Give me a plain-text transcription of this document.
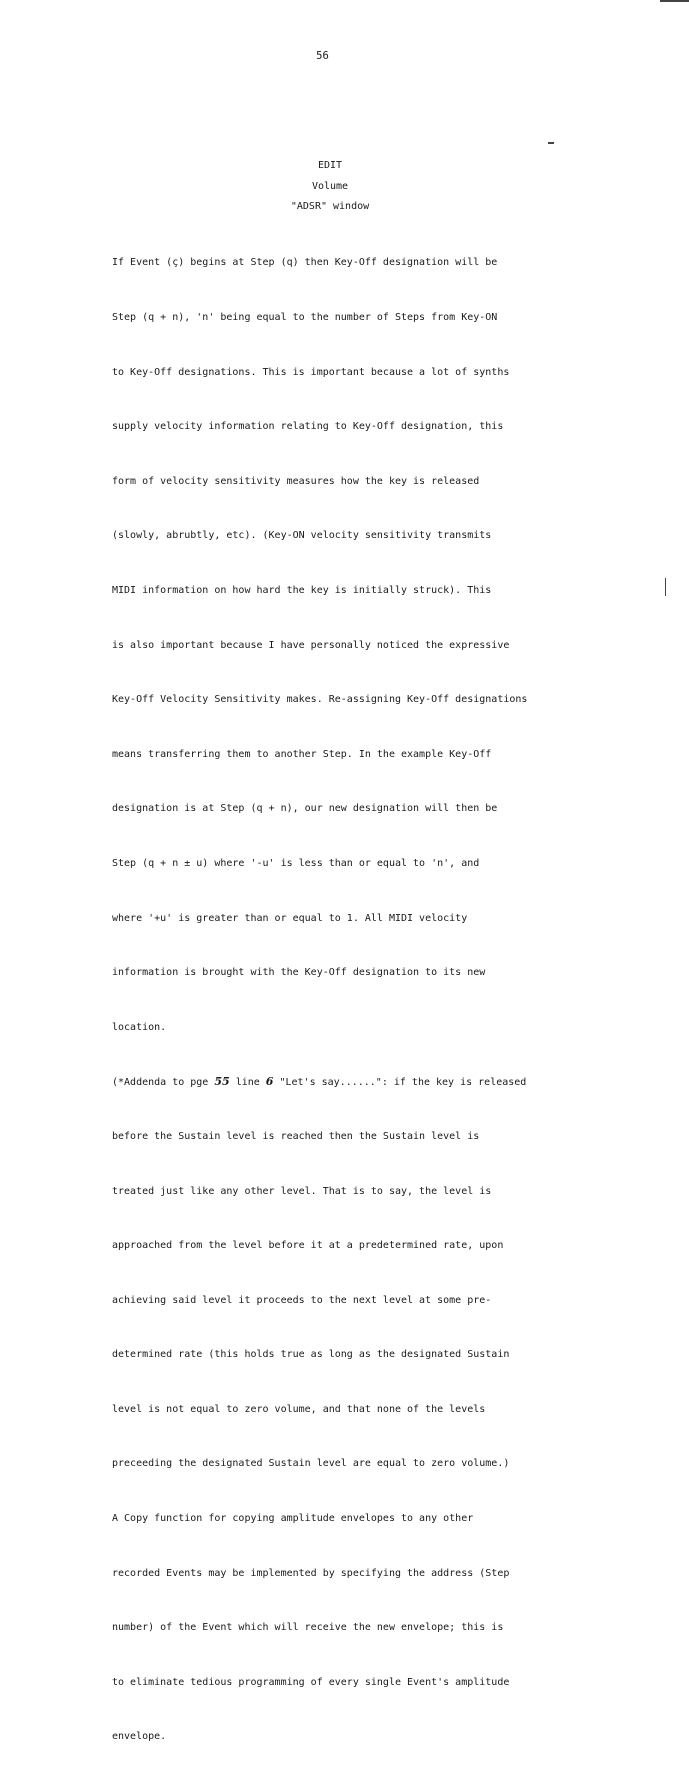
56
EDIT
Volume
"ADSR" window

If Event (ç) begins at Step (q) then Key-Off designation will be

Step (q + n), 'n' being equal to the number of Steps from Key-ON

to Key-Off designations. This is important because a lot of synths

supply velocity information relating to Key-Off designation, this

form of velocity sensitivity measures how the key is released

(slowly, abrubtly, etc). (Key-ON velocity sensitivity transmits

MIDI information on how hard the key is initially struck). This

is also important because I have personally noticed the expressive

Key-Off Velocity Sensitivity makes. Re-assigning Key-Off designations

means transferring them to another Step. In the example Key-Off

designation is at Step (q + n), our new designation will then be

Step (q + n ± u) where '-u' is less than or equal to 'n', and

where '+u' is greater than or equal to 1. All MIDI velocity

information is brought with the Key-Off designation to its new

location.

(*Addenda to pge 55 line 6 "Let's say......": if the key is released

before the Sustain level is reached then the Sustain level is

treated just like any other level. That is to say, the level is

approached from the level before it at a predetermined rate, upon

achieving said level it proceeds to the next level at some pre-

determined rate (this holds true as long as the designated Sustain

level is not equal to zero volume, and that none of the levels

preceeding the designated Sustain level are equal to zero volume.)

A Copy function for copying amplitude envelopes to any other

recorded Events may be implemented by specifying the address (Step

number) of the Event which will receive the new envelope; this is

to eliminate tedious programming of every single Event's amplitude

envelope.
